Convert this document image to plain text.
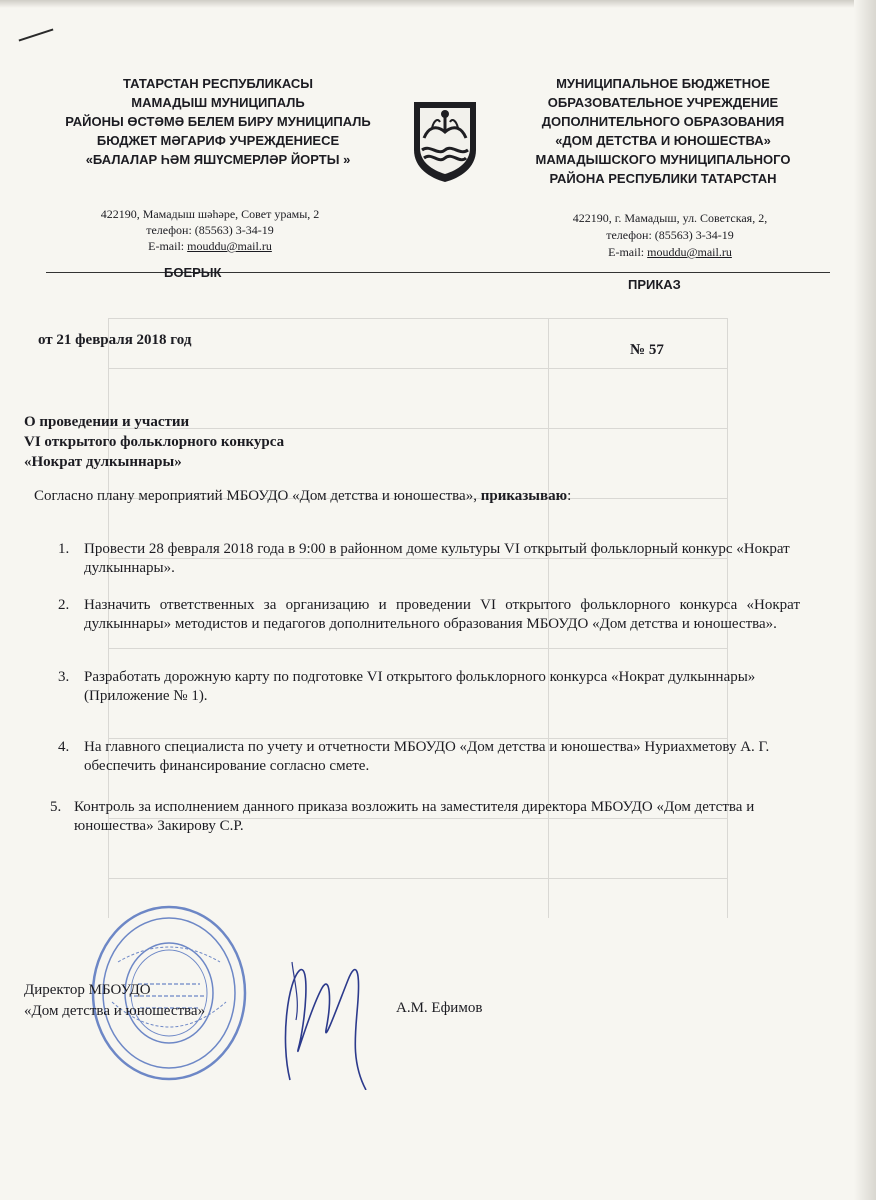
ТАТАРСТАН РЕСПУБЛИКАСЫ
МАМАДЫШ МУНИЦИПАЛЬ
РАЙОНЫ ӨСТӘМӘ БЕЛЕМ БИРУ МУНИЦИПАЛЬ
БЮДЖЕТ МӘГАРИФ УЧРЕЖДЕНИЕСЕ
«БАЛАЛАР ҺӘМ ЯШҮСМЕРЛӘР ЙОРТЫ »
МУНИЦИПАЛЬНОЕ БЮДЖЕТНОЕ
ОБРАЗОВАТЕЛЬНОЕ УЧРЕЖДЕНИЕ
ДОПОЛНИТЕЛЬНОГО ОБРАЗОВАНИЯ
«ДОМ ДЕТСТВА И ЮНОШЕСТВА»
МАМАДЫШСКОГО МУНИЦИПАЛЬНОГО
РАЙОНА РЕСПУБЛИКИ ТАТАРСТАН
422190, Мамадыш шәһәре, Совет урамы, 2
телефон: (85563) 3-34-19
E-mail: mouddu@mail.ru
422190, г. Мамадыш, ул. Советская, 2,
телефон: (85563) 3-34-19
E-mail: mouddu@mail.ru
БОЕРЫК
ПРИКАЗ
от 21 февраля 2018 год
№ 57
О проведении и участии
VI открытого фольклорного конкурса
«Нократ дулкыннары»
Согласно плану мероприятий МБОУДО «Дом детства и юношества», приказываю:
1. Провести 28 февраля 2018 года в 9:00 в районном доме культуры VI открытый фольклорный конкурс «Нократ дулкыннары».
2. Назначить ответственных за организацию и проведении VI открытого фольклорного конкурса «Нократ дулкыннары» методистов и педагогов дополнительного образования МБОУДО «Дом детства и юношества».
3. Разработать дорожную карту по подготовке VI открытого фольклорного конкурса «Нократ дулкыннары» (Приложение № 1).
4. На главного специалиста по учету и отчетности МБОУДО «Дом детства и юношества» Нуриахметову А. Г. обеспечить финансирование согласно смете.
5. Контроль за исполнением данного приказа возложить на заместителя директора МБОУДО «Дом детства и юношества» Закирову С.Р.
Директор МБОУДО
«Дом детства и юношества»	А.М. Ефимов
